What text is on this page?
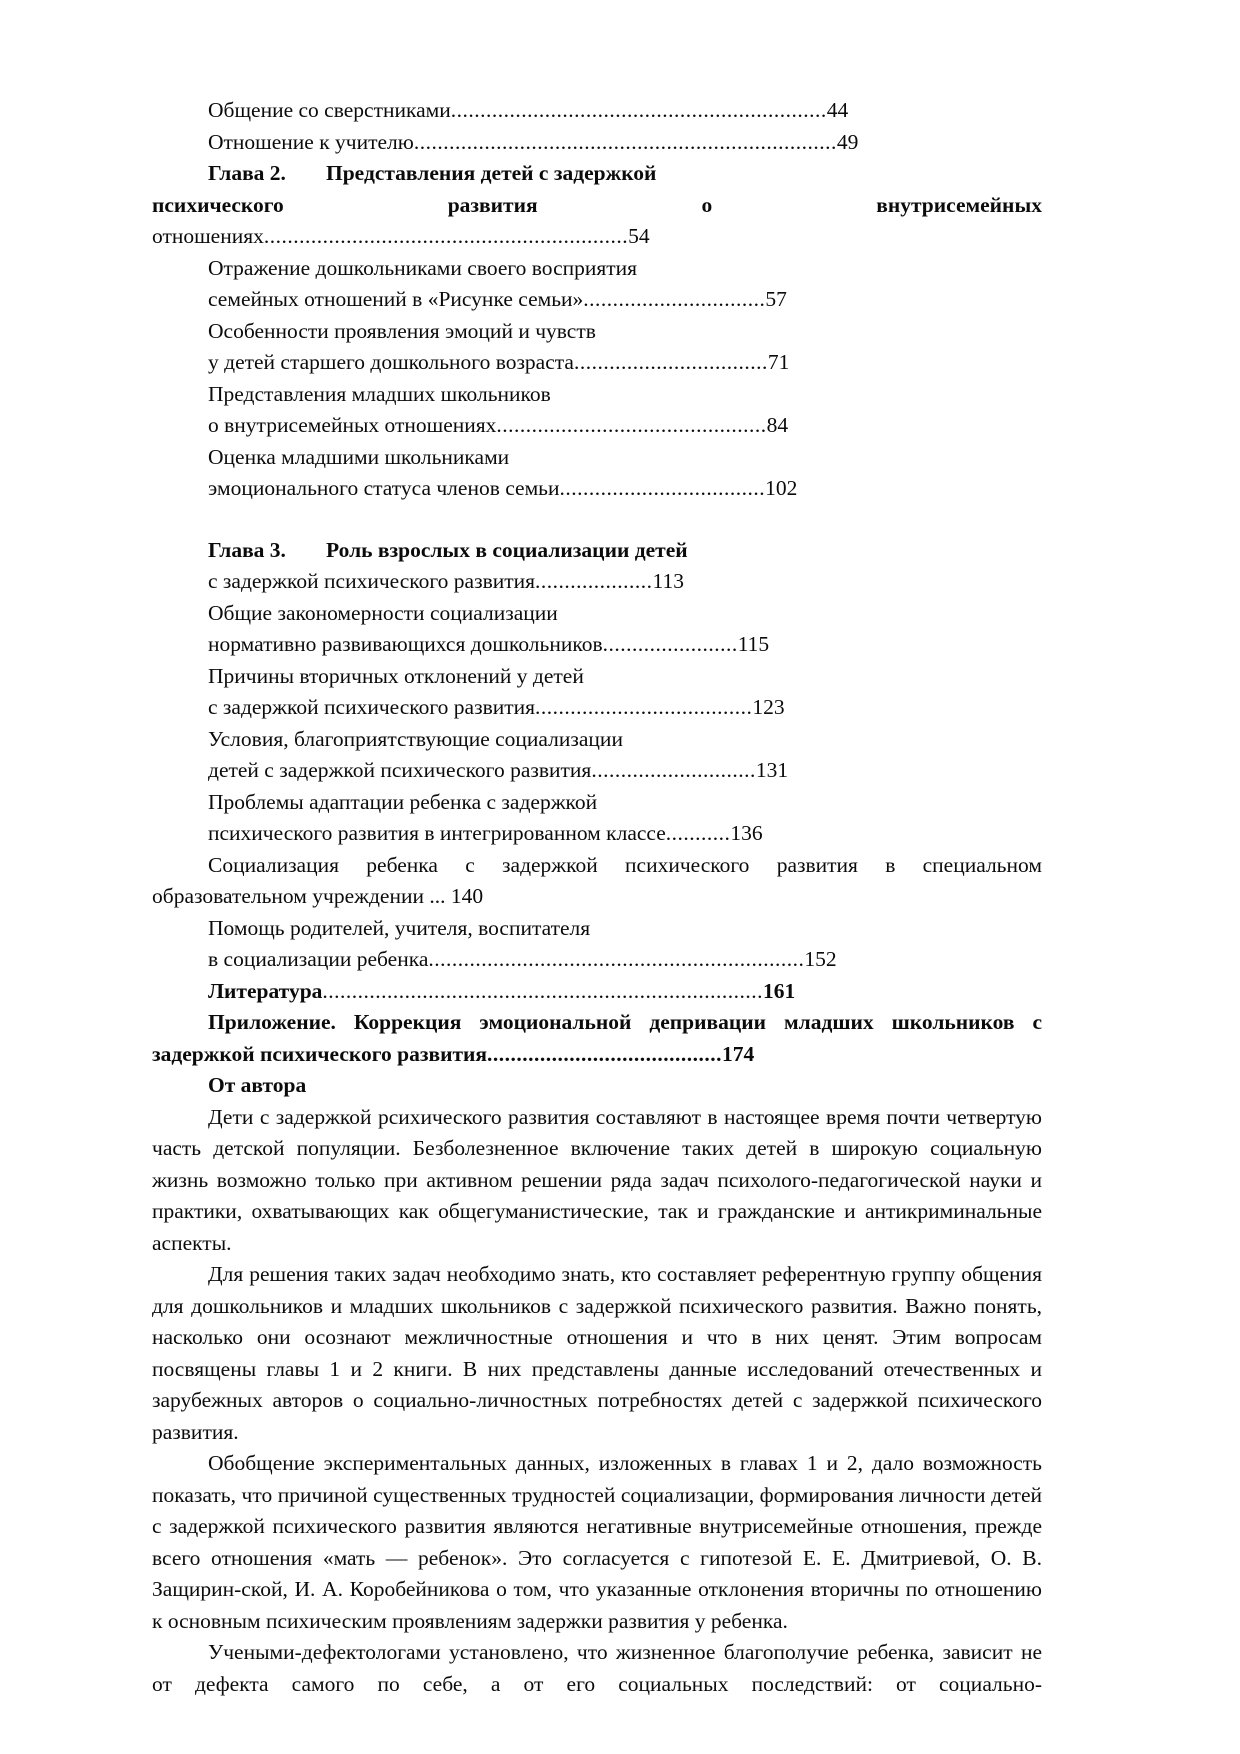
Общение со сверстниками................................................................44
Отношение к учителю........................................................................49
Глава 2. Представления детей с задержкой
психического	развития	о	внутрисемейных
отношениях..............................................................54
Отражение дошкольниками своего восприятия
семейных отношений в «Рисунке семьи»...............................57
Особенности проявления эмоций и чувств
у детей старшего дошкольного возраста.................................71
Представления младших школьников
о внутрисемейных отношениях..............................................84
Оценка младшими школьниками
эмоционального статуса членов семьи...................................102
Глава 3. Роль взрослых в социализации детей
с задержкой психического развития....................113
Общие закономерности социализации
нормативно развивающихся дошкольников.......................115
Причины вторичных отклонений у детей
с задержкой психического развития.....................................123
Условия, благоприятствующие социализации
детей с задержкой психического развития............................131
Проблемы адаптации ребенка с задержкой
психического развития в интегрированном классе...........136
Социализация ребенка с задержкой психического развития в специальном
образовательном учреждении ... 140
Помощь родителей, учителя, воспитателя
в социализации ребенка................................................................152
Литература...........................................................................161
Приложение. Коррекция эмоциональной депривации младших школьников с
задержкой психического развития........................................174
От автора

Дети с задержкой рсихического развития составляют в настоящее время почти четвертую часть детской популяции. Безболезненное включение таких детей в широкую социальную жизнь возможно только при активном решении ряда задач психолого-педагогической науки и практики, охватывающих как общегуманистические, так и гражданские и антикриминальные аспекты.

Для решения таких задач необходимо знать, кто составляет референтную группу общения для дошкольников и младших школьников с задержкой психического развития. Важно понять, насколько они осознают межличностные отношения и что в них ценят. Этим вопросам посвящены главы 1 и 2 книги. В них представлены данные исследований отечественных и зарубежных авторов о социально-личностных потребностях детей с задержкой психического развития.

Обобщение экспериментальных данных, изложенных в главах 1 и 2, дало возможность показать, что причиной существенных трудностей социализации, формирования личности детей с задержкой психического развития являются негативные внутрисемейные отношения, прежде всего отношения «мать — ребенок». Это согласуется с гипотезой Е. Е. Дмитриевой, О. В. Защирин-ской, И. А. Коробейникова о том, что указанные отклонения вторичны по отношению к основным психическим проявлениям задержки развития у ребенка.

Учеными-дефектологами установлено, что жизненное благополучие ребенка, зависит не от дефекта самого по себе, а от его социальных последствий: от социально-
